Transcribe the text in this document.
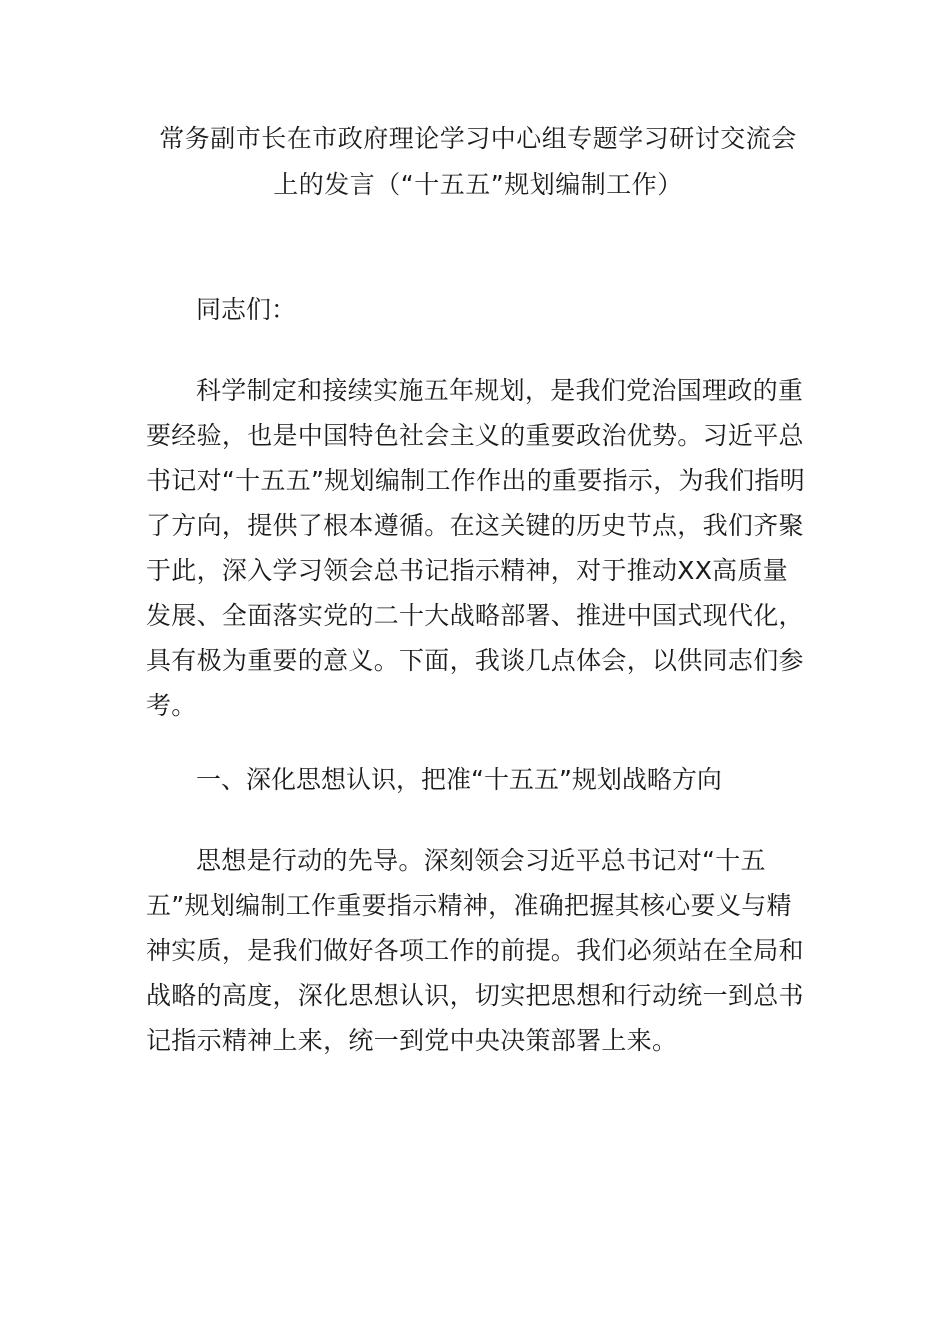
常务副市长在市政府理论学习中心组专题学习研讨交流会
上的发言（“十五五”规划编制工作）

同志们：

科学制定和接续实施五年规划，是我们党治国理政的重要经验，也是中国特色社会主义的重要政治优势。习近平总书记对“十五五”规划编制工作作出的重要指示，为我们指明了方向，提供了根本遵循。在这关键的历史节点，我们齐聚于此，深入学习领会总书记指示精神，对于推动XX高质量发展、全面落实党的二十大战略部署、推进中国式现代化，具有极为重要的意义。下面，我谈几点体会，以供同志们参考。

一、深化思想认识，把准“十五五”规划战略方向

思想是行动的先导。深刻领会习近平总书记对“十五五”规划编制工作重要指示精神，准确把握其核心要义与精神实质，是我们做好各项工作的前提。我们必须站在全局和战略的高度，深化思想认识，切实把思想和行动统一到总书记指示精神上来，统一到党中央决策部署上来。
